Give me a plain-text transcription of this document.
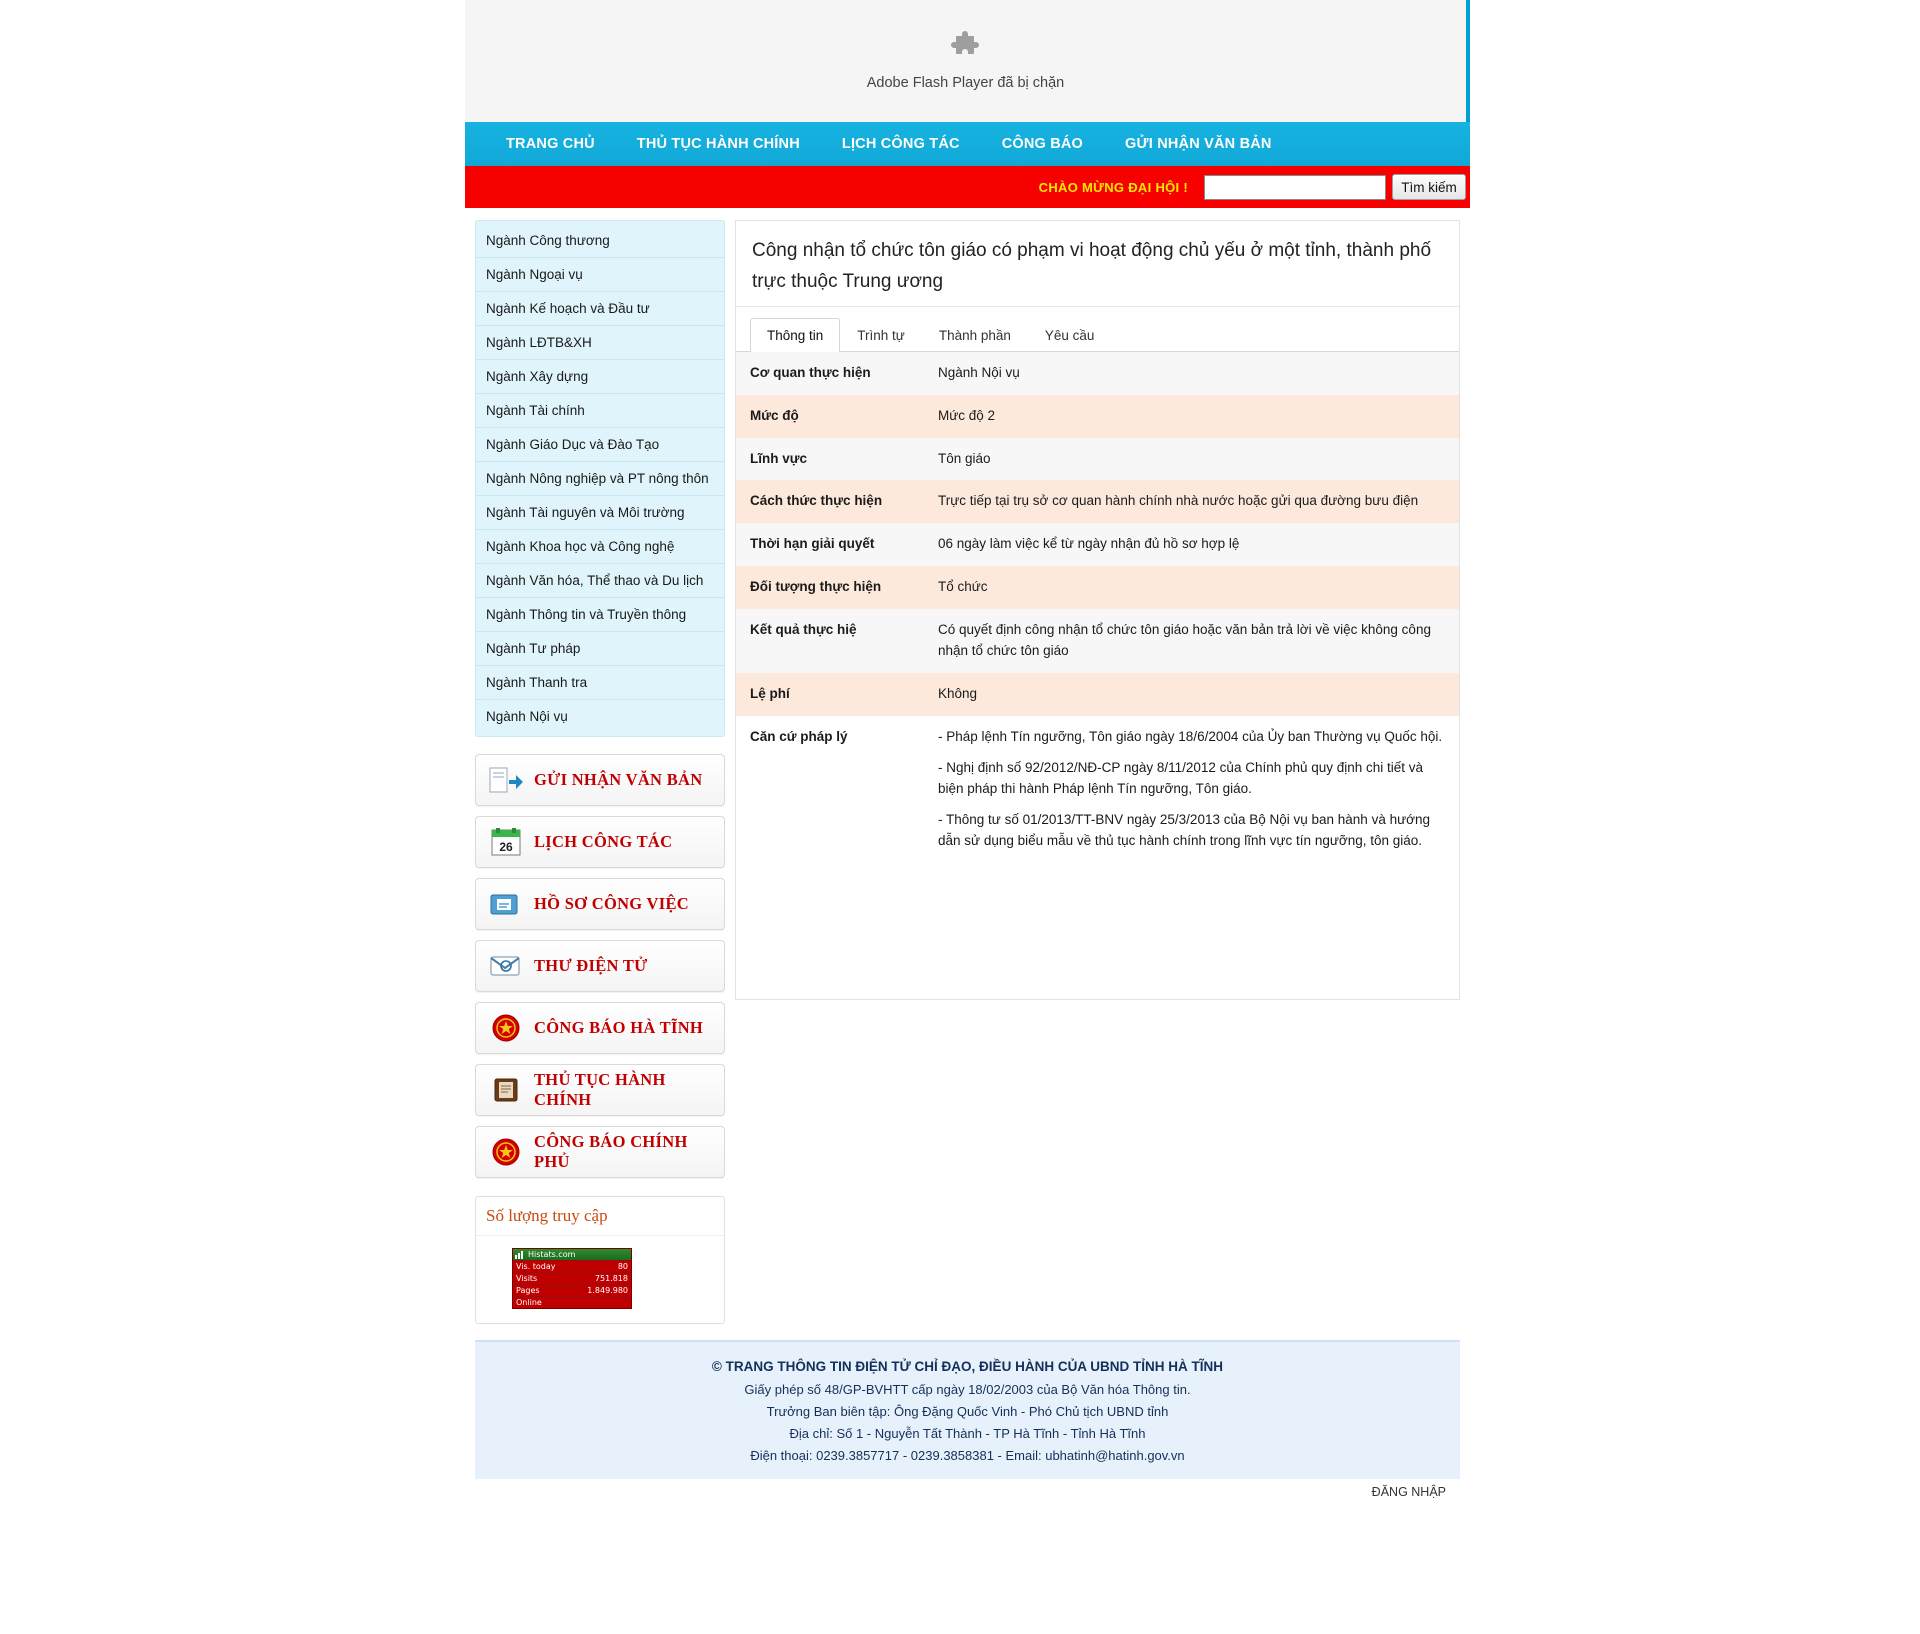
Adobe Flash Player đã bị chặn
TRANG CHỦ	THỦ TỤC HÀNH CHÍNH	LỊCH CÔNG TÁC	CÔNG BÁO	GỬI NHẬN VĂN BẢN
CHÀO MỪNG ĐẠI HỘI !	Tìm kiếm
Ngành Công thương
Ngành Ngoại vụ
Ngành Kế hoạch và Đầu tư
Ngành LĐTB&XH
Ngành Xây dựng
Ngành Tài chính
Ngành Giáo Dục và Đào Tạo
Ngành Nông nghiệp và PT nông thôn
Ngành Tài nguyên và Môi trường
Ngành Khoa học và Công nghệ
Ngành Văn hóa, Thể thao và Du lịch
Ngành Thông tin và Truyền thông
Ngành Tư pháp
Ngành Thanh tra
Ngành Nội vụ
GỬI NHẬN VĂN BẢN
26 LỊCH CÔNG TÁC
HỒ SƠ CÔNG VIỆC
THƯ ĐIỆN TỬ
CÔNG BÁO HÀ TĨNH
THỦ TỤC HÀNH CHÍNH
CÔNG BÁO CHÍNH PHỦ
Số lượng truy cập
Histats.com
Vis. today	80
Visits	751.818
Pages	1.849.980
Online
Công nhận tổ chức tôn giáo có phạm vi hoạt động chủ yếu ở một tỉnh, thành phố trực thuộc Trung ương
Thông tin	Trình tự	Thành phần	Yêu cầu
Cơ quan thực hiện	Ngành Nội vụ
Mức độ	Mức độ 2
Lĩnh vực	Tôn giáo
Cách thức thực hiện	Trực tiếp tại trụ sở cơ quan hành chính nhà nước hoặc gửi qua đường bưu điện
Thời hạn giải quyết	06 ngày làm việc kể từ ngày nhận đủ hồ sơ hợp lệ
Đối tượng thực hiện	Tổ chức
Kết quả thực hiệ	Có quyết định công nhận tổ chức tôn giáo hoặc văn bản trả lời về việc không công nhận tổ chức tôn giáo
Lệ phí	Không
Căn cứ pháp lý	- Pháp lệnh Tín ngưỡng, Tôn giáo ngày 18/6/2004 của Ủy ban Thường vụ Quốc hội.

- Nghị định số 92/2012/NĐ-CP ngày 8/11/2012 của Chính phủ quy định chi tiết và biện pháp thi hành Pháp lệnh Tín ngưỡng, Tôn giáo.

- Thông tư số 01/2013/TT-BNV ngày 25/3/2013 của Bộ Nội vụ ban hành và hướng dẫn sử dụng biểu mẫu về thủ tục hành chính trong lĩnh vực tín ngưỡng, tôn giáo.

© TRANG THÔNG TIN ĐIỆN TỬ CHỈ ĐẠO, ĐIỀU HÀNH CỦA UBND TỈNH HÀ TĨNH
Giấy phép số 48/GP-BVHTT cấp ngày 18/02/2003 của Bộ Văn hóa Thông tin.
Trưởng Ban biên tập: Ông Đặng Quốc Vinh - Phó Chủ tịch UBND tỉnh
Địa chỉ: Số 1 - Nguyễn Tất Thành - TP Hà Tĩnh - Tỉnh Hà Tĩnh
Điện thoại: 0239.3857717 - 0239.3858381 - Email: ubhatinh@hatinh.gov.vn
ĐĂNG NHẬP
